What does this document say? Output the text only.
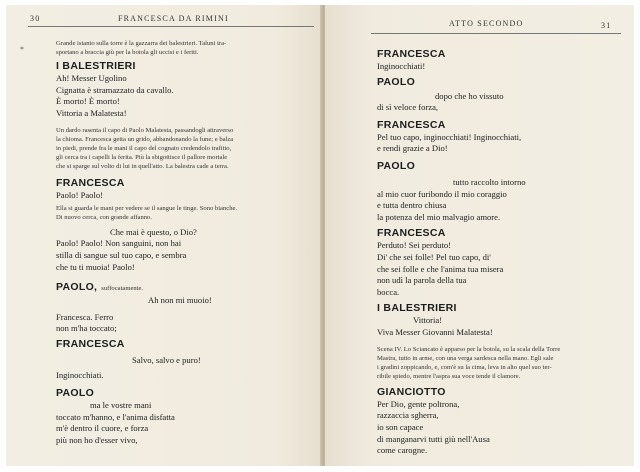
30	FRANCESCA DA RIMINI
*
Grande istanto sulla torre è la gazzarra dei balestrieri. Taluni tra-
sportano a braccia giù per la botola gli uccisi e i feriti.
I BALESTRIERI
Ah! Messer Ugolino
Cignatta è stramazzato da cavallo.
È morto! È morto!
Vittoria a Malatesta!
Un dardo rasenta il capo di Paolo Malatesta, passandogli attraverso
la chioma. Francesca getta un grido, abbandonando la fune; e balza
in piedi, prende fra le mani il capo del cognato credendolo trafitto,
gli cerca tra i capelli la ferita. Più la sbigottisce il pallore mortale
che si sparge sul volto di lui in quell'atto. La balestra cade a terra.
FRANCESCA
Paolo! Paolo!
Ella si guarda le mani per vedere se il sangue le tinge. Sono bianche.
Di nuovo cerca, con grande affanno.
Che mai è questo, o Dio?
Paolo! Paolo! Non sanguini, non hai
stilla di sangue sul tuo capo, e sembra
che tu ti muoia! Paolo!
PAOLO, suffocatamente.
Ah non mi muoio!
Francesca. Ferro
non m'ha toccato;
FRANCESCA
Salvo, salvo e puro!
Inginocchiati.
PAOLO
ma le vostre mani
toccato m'hanno, e l'anima disfatta
m'è dentro il cuore, e forza
più non ho d'esser vivo,
ATTO SECONDO	31
FRANCESCA
Inginocchiati!
PAOLO
dopo che ho vissuto
di sì veloce forza,
FRANCESCA
Pel tuo capo, inginocchiati! Inginocchiati,
e rendi grazie a Dio!
PAOLO
tutto raccolto intorno
al mio cuor furibondo il mio coraggio
e tutta dentro chiusa
la potenza del mio malvagio amore.
FRANCESCA
Perduto! Sei perduto!
Di' che sei folle! Pel tuo capo, di'
che sei folle e che l'anima tua misera
non udì la parola della tua
bocca.
I BALESTRIERI
Vittoria!
Viva Messer Giovanni Malatesta!
Scena IV. Lo Sciancato è apparso per la botola, su la scala della Torre
Mastra, tutto in arme, con una verga sardesca nella mano. Egli sale
i gradini zoppicando, e, com'è su la cima, leva in alto quel suo ter-
ribile spiedo, mentre l'aspra sua voce tende il clamore.
GIANCIOTTO
Per Dio, gente poltrona,
razzaccia sgherra,
io son capace
di manganarvi tutti giù nell'Ausa
come carogne.
